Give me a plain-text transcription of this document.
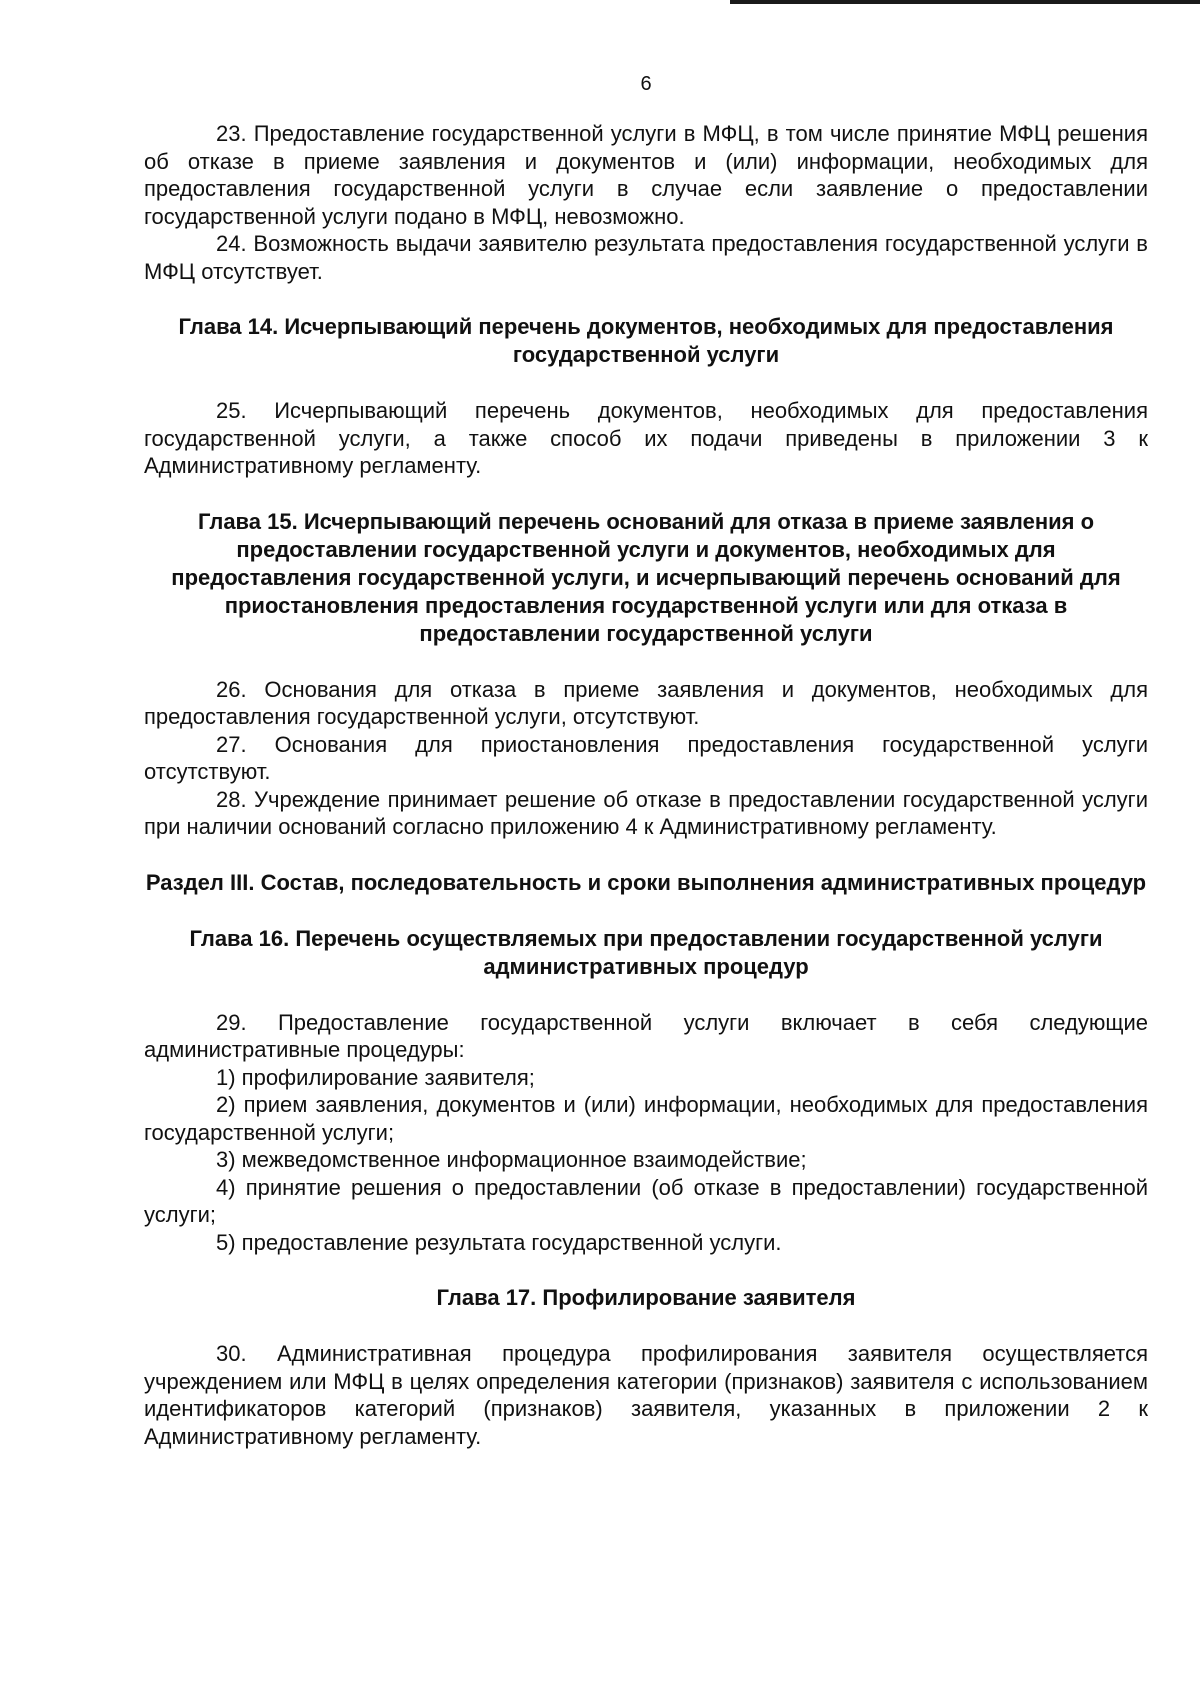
6

23. Предоставление государственной услуги в МФЦ, в том числе принятие МФЦ решения об отказе в приеме заявления и документов и (или) информации, необходимых для предоставления государственной услуги в случае если заявление о предоставлении государственной услуги подано в МФЦ, невозможно.

24. Возможность выдачи заявителю результата предоставления государственной услуги в МФЦ отсутствует.

Глава 14. Исчерпывающий перечень документов, необходимых для предоставления государственной услуги

25. Исчерпывающий перечень документов, необходимых для предоставления государственной услуги, а также способ их подачи приведены в приложении 3 к Административному регламенту.

Глава 15. Исчерпывающий перечень оснований для отказа в приеме заявления о предоставлении государственной услуги и документов, необходимых для предоставления государственной услуги, и исчерпывающий перечень оснований для приостановления предоставления государственной услуги или для отказа в предоставлении государственной услуги

26. Основания для отказа в приеме заявления и документов, необходимых для предоставления государственной услуги, отсутствуют.

27. Основания для приостановления предоставления государственной услуги отсутствуют.

28. Учреждение принимает решение об отказе в предоставлении государственной услуги при наличии оснований согласно приложению 4 к Административному регламенту.

Раздел III. Состав, последовательность и сроки выполнения административных процедур

Глава 16. Перечень осуществляемых при предоставлении государственной услуги административных процедур

29. Предоставление государственной услуги включает в себя следующие административные процедуры:

1) профилирование заявителя;

2) прием заявления, документов и (или) информации, необходимых для предоставления государственной услуги;

3) межведомственное информационное взаимодействие;

4) принятие решения о предоставлении (об отказе в предоставлении) государственной услуги;

5) предоставление результата государственной услуги.

Глава 17. Профилирование заявителя

30. Административная процедура профилирования заявителя осуществляется учреждением или МФЦ в целях определения категории (признаков) заявителя с использованием идентификаторов категорий (признаков) заявителя, указанных в приложении 2 к Административному регламенту.
